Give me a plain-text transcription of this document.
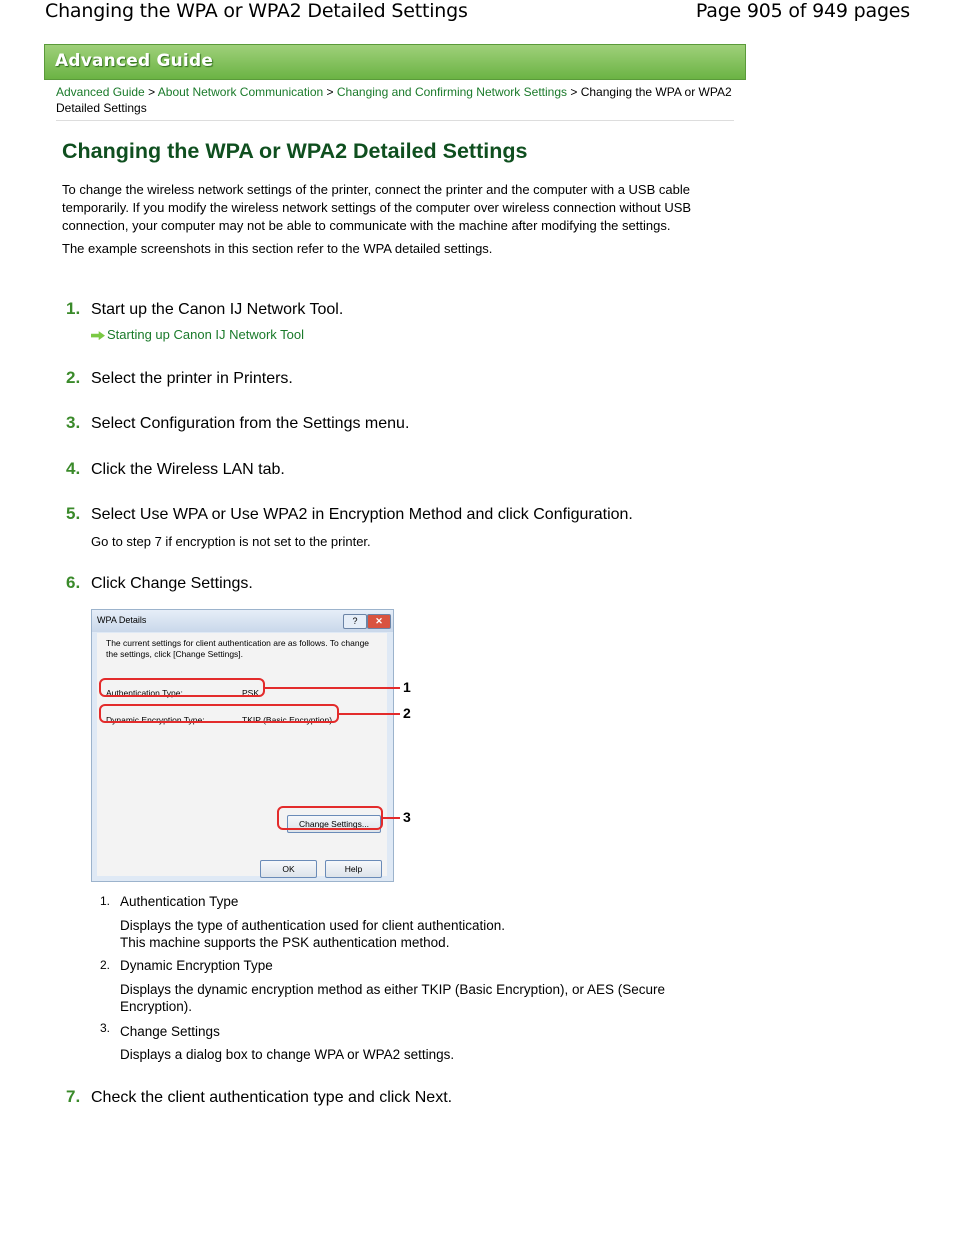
Changing the WPA or WPA2 Detailed Settings	Page 905 of 949 pages
Advanced Guide
Advanced Guide > About Network Communication > Changing and Confirming Network Settings > Changing the WPA or WPA2 Detailed Settings
Changing the WPA or WPA2 Detailed Settings

To change the wireless network settings of the printer, connect the printer and the computer with a USB cable temporarily. If you modify the wireless network settings of the computer over wireless connection without USB connection, your computer may not be able to communicate with the machine after modifying the settings.

The example screenshots in this section refer to the WPA detailed settings.

1. Start up the Canon IJ Network Tool.
Starting up Canon IJ Network Tool
2. Select the printer in Printers.
3. Select Configuration from the Settings menu.
4. Click the Wireless LAN tab.
5. Select Use WPA or Use WPA2 in Encryption Method and click Configuration.
Go to step 7 if encryption is not set to the printer.
6. Click Change Settings.
WPA Details	?	✕
The current settings for client authentication are as follows. To change the settings, click [Change Settings].
Authentication Type:	PSK
Dynamic Encryption Type:	TKIP (Basic Encryption)
Change Settings...
OK	Help
1
2
3
1. Authentication Type
Displays the type of authentication used for client authentication.
This machine supports the PSK authentication method.
2. Dynamic Encryption Type
Displays the dynamic encryption method as either TKIP (Basic Encryption), or AES (Secure
Encryption).
3. Change Settings
Displays a dialog box to change WPA or WPA2 settings.
7. Check the client authentication type and click Next.
